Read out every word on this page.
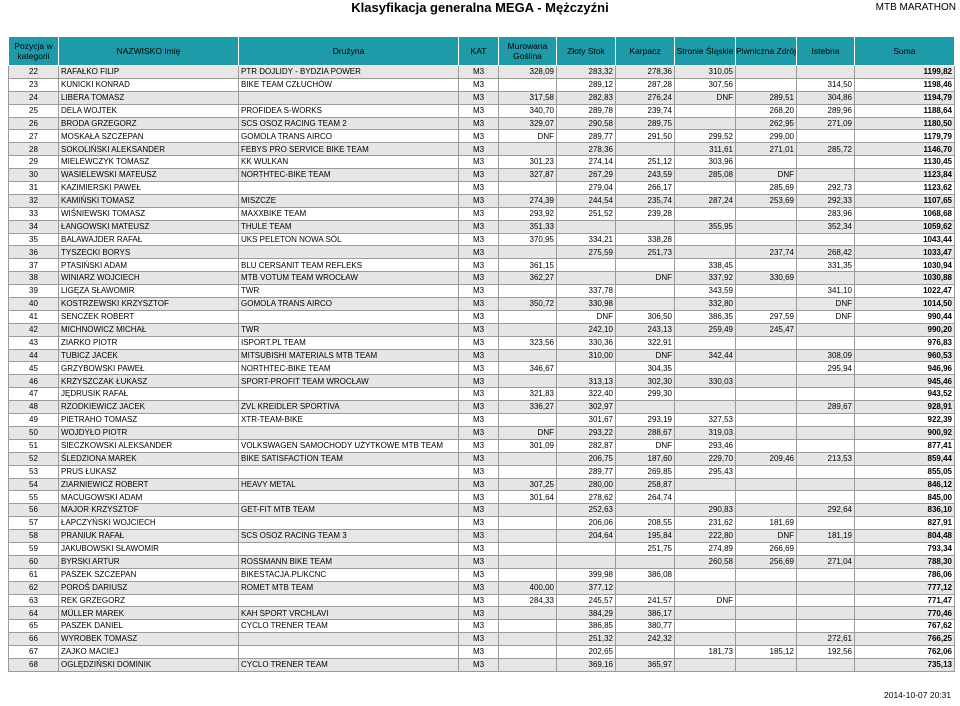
Klasyfikacja generalna MEGA - Mężczyźni	MTB MARATHON
Pozycja w kategorii	NAZWISKO Imię	Drużyna	KAT	Murowana Goślina	Złoty Stok	Karpacz	Stronie Śląskie	Piwniczna Zdrój	Istebna	Suma
22	RAFAŁKO FILIP	PTR DOJLIDY - BYDZIA POWER	M3	328,09	283,32	278,36	310,05			1199,82
23	KUNICKI KONRAD	BIKE TEAM CZŁUCHÓW	M3		289,12	287,28	307,56		314,50	1198,46
24	LIBERA TOMASZ		M3	317,58	282,83	276,24	DNF	289,51	304,86	1194,79
25	DELA WOJTEK	PROFIDEA S-WORKS	M3	340,70	289,78	239,74		268,20	289,96	1188,64
26	BRODA GRZEGORZ	SCS OSOZ RACING TEAM 2	M3	329,07	290,58	289,75		262,95	271,09	1180,50
27	MOSKAŁA SZCZEPAN	GOMOLA TRANS AIRCO	M3	DNF	289,77	291,50	299,52	299,00		1179,79
28	SOKOLIŃSKI ALEKSANDER	FEBYS PRO SERVICE BIKE TEAM	M3		278,36		311,61	271,01	285,72	1146,70
29	MIELEWCZYK TOMASZ	KK WULKAN	M3	301,23	274,14	251,12	303,96			1130,45
30	WASIELEWSKI MATEUSZ	NORTHTEC-BIKE TEAM	M3	327,87	267,29	243,59	285,08	DNF		1123,84
31	KAZIMIERSKI PAWEŁ		M3		279,04	266,17		285,69	292,73	1123,62
32	KAMIŃSKI TOMASZ	MISZCZE	M3	274,39	244,54	235,74	287,24	253,69	292,33	1107,65
33	WIŚNIEWSKI TOMASZ	MAXXBIKE TEAM	M3	293,92	251,52	239,28			283,96	1068,68
34	ŁANGOWSKI MATEUSZ	THULE TEAM	M3	351,33			355,95		352,34	1059,62
35	BALAWAJDER RAFAŁ	UKS PELETON NOWA SÓL	M3	370,95	334,21	338,28				1043,44
36	TYSZECKI BORYS		M3		275,59	251,73		237,74	268,42	1033,47
37	PTASIŃSKI ADAM	BLU CERSANIT TEAM REFLEKS	M3	361,15			338,45		331,35	1030,94
38	WINIARZ WOJCIECH	MTB VOTUM TEAM WROCŁAW	M3	362,27		DNF	337,92	330,69		1030,88
39	LIGĘZA SŁAWOMIR	TWR	M3		337,78		343,59		341,10	1022,47
40	KOSTRZEWSKI KRZYSZTOF	GOMOLA TRANS AIRCO	M3	350,72	330,98		332,80		DNF	1014,50
41	SENCZEK ROBERT		M3		DNF	306,50	386,35	297,59	DNF	990,44
42	MICHNOWICZ MICHAŁ	TWR	M3		242,10	243,13	259,49	245,47		990,20
43	ZIARKO PIOTR	ISPORT.PL TEAM	M3	323,56	330,36	322,91				976,83
44	TUBICZ JACEK	MITSUBISHI MATERIALS MTB TEAM	M3		310,00	DNF	342,44		308,09	960,53
45	GRZYBOWSKI PAWEŁ	NORTHTEC-BIKE TEAM	M3	346,67		304,35			295,94	946,96
46	KRZYSZCZAK ŁUKASZ	SPORT-PROFIT TEAM WROCŁAW	M3		313,13	302,30	330,03			945,46
47	JĘDRUSIK RAFAŁ		M3	321,83	322,40	299,30				943,52
48	RZODKIEWICZ JACEK	ZVL KREIDLER SPORTIVA	M3	336,27	302,97				289,67	928,91
49	PIETRAHO TOMASZ	XTR-TEAM-BIKE	M3		301,67	293,19	327,53			922,39
50	WOJDYŁO PIOTR		M3	DNF	293,22	288,67	319,03			900,92
51	SIECZKOWSKI ALEKSANDER	VOLKSWAGEN SAMOCHODY UŻYTKOWE MTB TEAM	M3	301,09	282,87	DNF	293,46			877,41
52	ŚLEDZIONA MAREK	BIKE SATISFACTION TEAM	M3		206,75	187,60	229,70	209,46	213,53	859,44
53	PRUS ŁUKASZ		M3		289,77	269,85	295,43			855,05
54	ZIARNIEWICZ ROBERT	HEAVY METAL	M3	307,25	280,00	258,87				846,12
55	MACUGOWSKI ADAM		M3	301,64	278,62	264,74				845,00
56	MAJOR KRZYSZTOF	GET-FIT MTB TEAM	M3		252,63		290,83		292,64	836,10
57	ŁAPCZYŃSKI WOJCIECH		M3		206,06	208,55	231,62	181,69		827,91
58	PRANIUK RAFAŁ	SCS OSOZ RACING TEAM 3	M3		204,64	195,84	222,80	DNF	181,19	804,48
59	JAKUBOWSKI SŁAWOMIR		M3			251,75	274,89	266,69		793,34
60	BYRSKI ARTUR	ROSSMANN BIKE TEAM	M3				260,58	256,69	271,04	788,30
61	PASZEK SZCZEPAN	BIKESTACJA.PL/KCNC	M3		399,98	386,08				786,06
62	POROŚ DARIUSZ	ROMET MTB TEAM	M3	400,00	377,12					777,12
63	REK GRZEGORZ		M3	284,33	245,57	241,57	DNF			771,47
64	MÜLLER MAREK	KAH SPORT VRCHLAVI	M3		384,29	386,17				770,46
65	PASZEK DANIEL	CYCLO TRENER TEAM	M3		386,85	380,77				767,62
66	WYROBEK TOMASZ		M3		251,32	242,32			272,61	766,25
67	ZAJKO MACIEJ		M3		202,65		181,73	185,12	192,56	762,06
68	OGLĘDZIŃSKI DOMINIK	CYCLO TRENER TEAM	M3		369,16	365,97				735,13
2014-10-07 20:31
